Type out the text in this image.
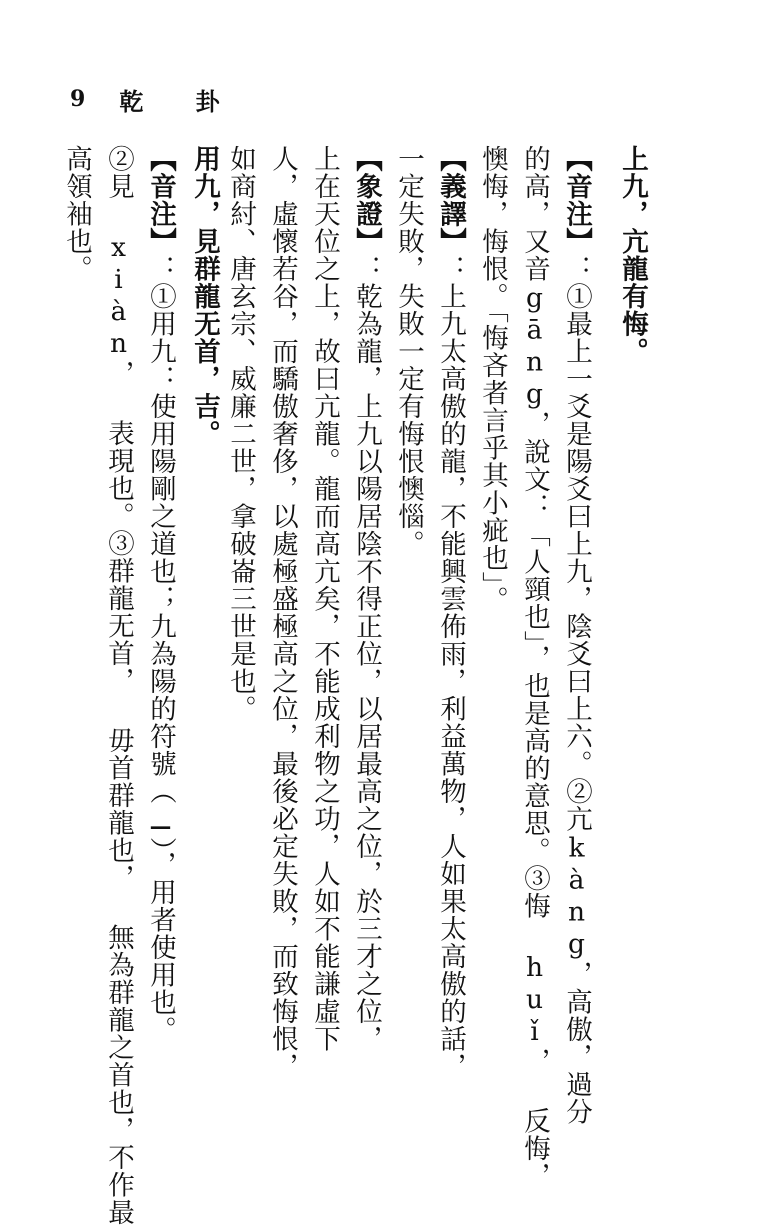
9 乾 卦
上九，亢龍有悔。
【音注】：①最上一爻是陽爻曰上九，陰爻曰上六。②亢kàng，高傲，過分
的高，又音gāng，說文：「人頸也」，也是高的意思。③悔 huǐ， 反悔，
懊悔，悔恨。「悔吝者言乎其小疵也」。
【義譯】：上九太高傲的龍，不能興雲佈雨，利益萬物，人如果太高傲的話，
一定失敗，失敗一定有悔恨懊惱。
【象證】：乾為龍，上九以陽居陰不得正位，以居最高之位，於三才之位，
上在天位之上，故曰亢龍。龍而高亢矣，不能成利物之功，人如不能謙虛下
人，虛懷若谷，而驕傲奢侈，以處極盛極高之位，最後必定失敗，而致悔恨，
如商紂、唐玄宗、威廉二世，拿破崙三世是也。
用九，見群龍无首，吉。
【音注】：①用九：使用陽剛之道也；九為陽的符號（⚊），用者使用也。
②見 xiàn， 表現也。③群龍无首， 毋首群龍也， 無為群龍之首也，不作最
高領袖也。
